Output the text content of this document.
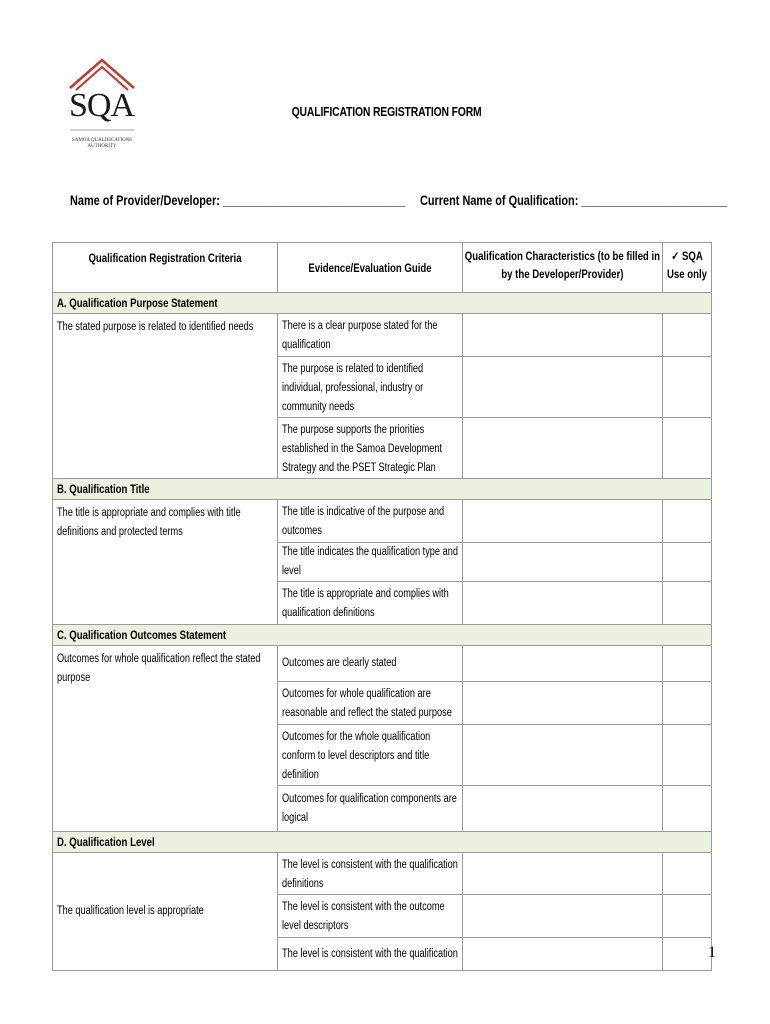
SQA
SAMOA QUALIFICATIONS AUTHORITY
QUALIFICATION REGISTRATION FORM
Name of Provider/Developer: ______________________________ Current Name of Qualification: ________________________
Qualification Registration Criteria	Evidence/Evaluation Guide	Qualification Characteristics (to be filled in by the Developer/Provider)	✓ SQA Use only
A. Qualification Purpose Statement			
The stated purpose is related to identified needs	There is a clear purpose stated for the qualification		
	The purpose is related to identified individual, professional, industry or community needs		
	The purpose supports the priorities established in the Samoa Development Strategy and the PSET Strategic Plan		
B. Qualification Title			
The title is appropriate and complies with title definitions and protected terms	The title is indicative of the purpose and outcomes		
	The title indicates the qualification type and level		
	The title is appropriate and complies with qualification definitions		
C. Qualification Outcomes Statement			
Outcomes for whole qualification reflect the stated purpose	Outcomes are clearly stated		
	Outcomes for whole qualification are reasonable and reflect the stated purpose		
	Outcomes for the whole qualification conform to level descriptors and title definition		
	Outcomes for qualification components are logical		
D. Qualification Level			
The qualification level is appropriate	The level is consistent with the qualification definitions		
	The level is consistent with the outcome level descriptors		
	The level is consistent with the qualification			1
